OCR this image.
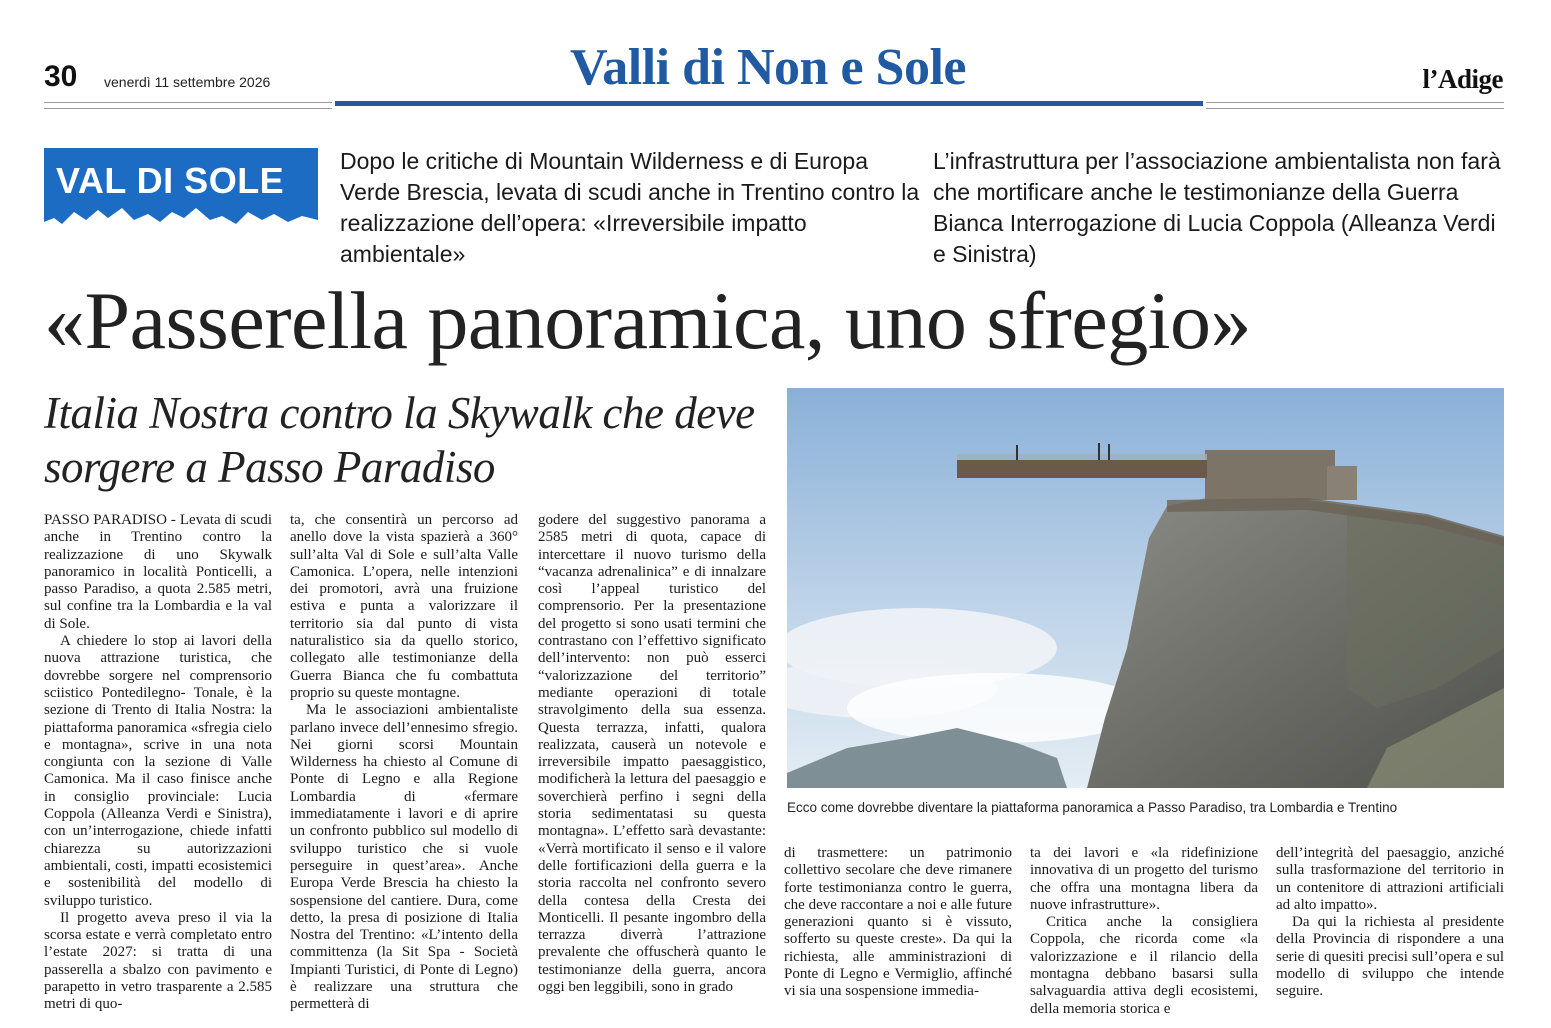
30 venerdì 11 settembre 2026	Valli di Non e Sole	l’Adige
VAL DI SOLE Dopo le critiche di Mountain Wilderness e di Europa Verde Brescia, levata di scudi anche in Trentino contro la realizzazione dell’opera: «Irreversibile impatto ambientale»
L’infrastruttura per l’associazione ambientalista non farà che mortificare anche le testimonianze della Guerra Bianca Interrogazione di Lucia Coppola (Alleanza Verdi e Sinistra)
«Passerella panoramica, uno sfregio»
Italia Nostra contro la Skywalk che deve sorgere a Passo Paradiso
Ecco come dovrebbe diventare la piattaforma panoramica a Passo Paradiso, tra Lombardia e Trentino

PASSO PARADISO - Levata di scudi anche in Trentino contro la realizzazione di uno Skywalk panoramico in località Ponticelli, a passo Paradiso, a quota 2.585 metri, sul confine tra la Lombardia e la val di Sole.

A chiedere lo stop ai lavori della nuova attrazione turistica, che dovrebbe sorgere nel comprensorio sciistico Pontedilegno- Tonale, è la sezione di Trento di Italia Nostra: la piattaforma panoramica «sfregia cielo e montagna», scrive in una nota congiunta con la sezione di Valle Camonica. Ma il caso finisce anche in consiglio provinciale: Lucia Coppola (Alleanza Verdi e Sinistra), con un’interrogazione, chiede infatti chiarezza su autorizzazioni ambientali, costi, impatti ecosistemici e sostenibilità del modello di sviluppo turistico.

Il progetto aveva preso il via la scorsa estate e verrà completato entro l’estate 2027: si tratta di una passerella a sbalzo con pavimento e parapetto in vetro trasparente a 2.585 metri di quo-

ta, che consentirà un percorso ad anello dove la vista spazierà a 360° sull’alta Val di Sole e sull’alta Valle Camonica. L’opera, nelle intenzioni dei promotori, avrà una fruizione estiva e punta a valorizzare il territorio sia dal punto di vista naturalistico sia da quello storico, collegato alle testimonianze della Guerra Bianca che fu combattuta proprio su queste montagne.

Ma le associazioni ambientaliste parlano invece dell’ennesimo sfregio. Nei giorni scorsi Mountain Wilderness ha chiesto al Comune di Ponte di Legno e alla Regione Lombardia di «fermare immediatamente i lavori e di aprire un confronto pubblico sul modello di sviluppo turistico che si vuole perseguire in quest’area». Anche Europa Verde Brescia ha chiesto la sospensione del cantiere. Dura, come detto, la presa di posizione di Italia Nostra del Trentino: «L’intento della committenza (la Sit Spa - Società Impianti Turistici, di Ponte di Legno) è realizzare una struttura che permetterà di

godere del suggestivo panorama a 2585 metri di quota, capace di intercettare il nuovo turismo della “vacanza adrenalinica” e di innalzare così l’appeal turistico del comprensorio. Per la presentazione del progetto si sono usati termini che contrastano con l’effettivo significato dell’intervento: non può esserci “valorizzazione del territorio” mediante operazioni di totale stravolgimento della sua essenza. Questa terrazza, infatti, qualora realizzata, causerà un notevole e irreversibile impatto paesaggistico, modificherà la lettura del paesaggio e soverchierà perfino i segni della storia sedimentatasi su questa montagna». L’effetto sarà devastante: «Verrà mortificato il senso e il valore delle fortificazioni della guerra e la storia raccolta nel confronto severo della contesa della Cresta dei Monticelli. Il pesante ingombro della terrazza diverrà l’attrazione prevalente che offuscherà quanto le testimonianze della guerra, ancora oggi ben leggibili, sono in grado

di trasmettere: un patrimonio collettivo secolare che deve rimanere forte testimonianza contro le guerra, che deve raccontare a noi e alle future generazioni quanto si è vissuto, sofferto su queste creste». Da qui la richiesta, alle amministrazioni di Ponte di Legno e Vermiglio, affinché vi sia una sospensione immedia-

ta dei lavori e «la ridefinizione innovativa di un progetto del turismo che offra una montagna libera da nuove infrastrutture».

Critica anche la consigliera Coppola, che ricorda come «la valorizzazione e il rilancio della montagna debbano basarsi sulla salvaguardia attiva degli ecosistemi, della memoria storica e

dell’integrità del paesaggio, anziché sulla trasformazione del territorio in un contenitore di attrazioni artificiali ad alto impatto».

Da qui la richiesta al presidente della Provincia di rispondere a una serie di quesiti precisi sull’opera e sul modello di sviluppo che intende seguire.
